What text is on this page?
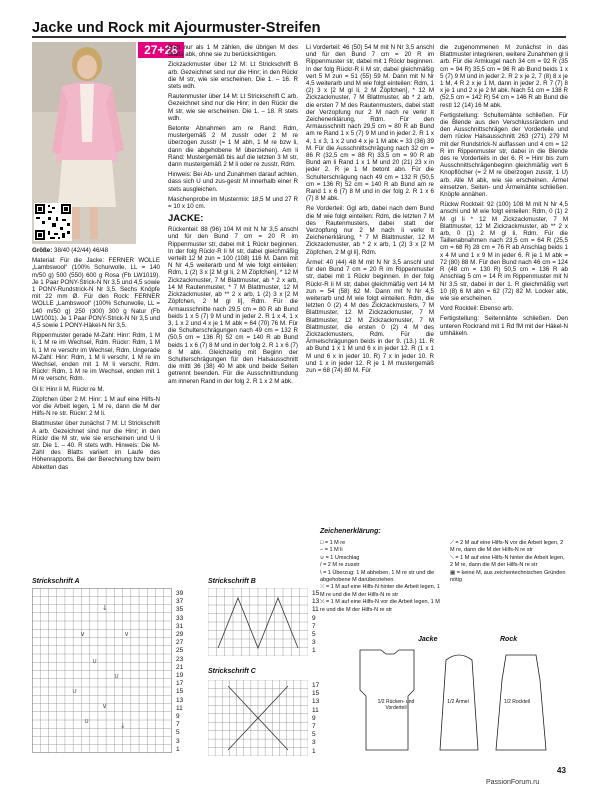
Jacke und Rock mit Ajourmuster-Streifen
27+28

Größe: 38/40 (42/44) 46/48

Material: Für die Jacke: FERNER WOLLE „Lambswool“ (100% Schurwolle, LL = 140 m/50 g) 500 (550) 600 g Rosa (Fb LW1019). Je 1 Paar PONY-Strick-N Nr 3,5 und 4,5 sowie 1 PONY-Rundstrick-N Nr 3,5. Sechs Knöpfe mit 22 mm Ø. Für den Rock: FERNER WOLLE „Lambswool“ (100% Schurwolle, LL = 140 m/50 g) 250 (300) 300 g Natur (Fb LW1001). Je 1 Paar PONY-Strick-N Nr 3,5 und 4,5 sowie 1 PONY-Häkel-N Nr 3,5.

Rippenmuster gerade M-Zahl: Hinr: Rdm, 1 M li, 1 M re im Wechsel, Rdm. Rückr: Rdm, 1 M li, 1 M re verschr im Wechsel, Rdm. Ungerade M-Zahl: Hinr: Rdm, 1 M li verschr, 1 M re im Wechsel, enden mit 1 M li verschr, Rdm. Rückr: Rdm, 1 M re im Wechsel, enden mit 1 M re verschr, Rdm.

Gl li: Hinr li M, Rückr re M.

Zöpfchen über 2 M: Hinr: 1 M auf eine Hilfs-N vor die Arbeit legen, 1 M re, dann die M der Hilfs-N re str. Rückr: 2 M li.

Blattmuster über zunächst 7 M: Lt Strickschrift A arb. Gezeichnet sind nur die Hinr; in den Rückr die M str, wie sie erscheinen und U li str. Die 1. – 40. R stets wdh. Hinweis: Die M-Zahl des Blatts variiert im Laufe des Höhenrapports. Bei der Berechnung bzw beim Abketten das

Blatt nur als 1 M zählen, die übrigen M des Blatts abk, ohne sie zu berücksichtigen.

Zickzackmuster über 12 M: Lt Strickschrift B arb. Gezeichnet sind nur die Hinr; in den Rückr die M str, wie sie erscheinen. Die 1. – 16. R stets wdh.

Rautenmuster über 14 M: Lt Strickschrift C arb. Gezeichnet sind nur die Hinr; in den Rückr die M str, wie sie erscheinen. Die 1. – 18. R stets wdh.

Betonte Abnahmen am re Rand: Rdm, mustergemäß 2 M zusstr oder 2 M re überzogen zusstr (= 1 M abh, 1 M re bzw li, dann die abgehobene M überziehen). Am li Rand: Mustergemäß bis auf die letzten 3 M str, dann mustergemäß 2 M li oder re zusstr, Rdm.

Hinweis: Bei Ab- und Zunahmen darauf achten, dass sich U und zus-gestr M innerhalb einer R stets ausgleichen.

Maschenprobe im Mustermix: 18,5 M und 27 R = 10 x 10 cm.

JACKE:

Rückenteil: 88 (96) 104 M mit N Nr 3,5 anschl und für den Bund 7 cm = 20 R im Rippenmuster str, dabei mit 1 Rückr beginnen. In der folg Rückr-R li M str, dabei gleichmäßig verteilt 12 M zun = 100 (108) 116 M. Dann mit N Nr 4,5 weiterarb und M wie folgt einteilen: Rdm, 1 (2) 3 x [2 M gl li, 2 M Zöpfchen], * 12 M Zickzackmuster, 7 M Blattmuster, ab * 2 x arb, 14 M Rautenmuster, * 7 M Blattmuster, 12 M Zickzackmuster, ab ** 2 x arb, 1 (2) 3 x [2 M Zöpfchen, 2 M gl li], Rdm. Für die Armausschnitte nach 29,5 cm = 80 R ab Bund beids 1 x 5 (7) 9 M und in jeder 2. R 1 x 4, 1 x 3, 1 x 2 und 4 x je 1 M abk = 64 (70) 76 M. Für die Schulterschrägungen nach 49 cm = 132 R (50,5 cm = 136 R) 52 cm = 140 R ab Bund beids 1 x 6 (7) 8 M und in der folg 2. R 1 x 6 (7) 8 M abk. Gleichzeitig mit Beginn der Schulterschrägungen für den Halsausschnitt die mittl 36 (38) 40 M abk und beide Seiten getrennt beenden. Für die Ausschnittrundung am inneren Rand in der folg 2. R 1 x 2 M abk.

Li Vorderteil: 46 (50) 54 M mit N Nr 3,5 anschl und für den Bund 7 cm = 20 R im Rippenmuster str, dabei mit 1 Rückr beginnen. In der folg Rückr-R li M str, dabei gleichmäßig vert 5 M zun = 51 (55) 59 M. Dann mit N Nr 4,5 weiterarb und M wie folgt einteilen: Rdm, 1 (2) 3 x [2 M gl li, 2 M Zöpfchen], * 12 M Zickzackmuster, 7 M Blattmuster, ab * 2 arb, die ersten 7 M des Rautenmusters, dabei statt der Verzopfung nur 2 M nach re verkr lt Zeichenerklärung, Rdm. Für den Armausschnitt nach 29,5 cm = 80 R ab Bund am re Rand 1 x 5 (7) 9 M und in jeder 2. R 1 x 4, 1 x 3, 1 x 2 und 4 x je 1 M abk = 33 (36) 39 M. Für die Ausschnittschrägung nach 32 cm = 86 R (32,5 cm = 88 R) 33,5 cm = 90 R ab Bund am li Rand 1 x 1 M und 20 (21) 23 x in jeder 2. R je 1 M betont abn. Für die Schulterschrägung nach 49 cm = 132 R (50,5 cm = 136 R) 52 cm = 140 R ab Bund am re Rand 1 x 6 (7) 8 M und in der folg 2. R 1 x 6 (7) 8 M abk.

Re Vorderteil: Ggl arb, dabei nach dem Bund die M wie folgt einteilen: Rdm, die letzten 7 M des Rautenmusters, dabei statt der Verzopfung nur 2 M nach li verkr lt Zeichenerklärung, * 7 M Blattmuster, 12 M Zickzackmuster, ab * 2 x arb, 1 (2) 3 x [2 M Zöpfchen, 2 M gl li], Rdm.

Ärmel: 40 (44) 48 M mit N Nr 3,5 anschl und für den Bund 7 cm = 20 R im Rippenmuster str, dabei mit 1 Rückr beginnen. In der folg Rückr-R li M str, dabei gleichmäßig vert 14 M zun = 54 (58) 62 M. Dann mit N Nr 4,5 weiterarb und M wie folgt einteilen: Rdm, die letzten 0 (2) 4 M des Zickzackmusters, 7 M Blattmuster, 12 M Zickzackmuster, 7 M Blattmuster, 12 M Zickzackmuster, 7 M Blattmuster, die ersten 0 (2) 4 M des Zickzackmusters, Rdm. Für die Ärmelschrägungen beids in der 9. (13.) 11. R ab Bund 1 x 1 M und 6 x in jeder 12. R (1 x 1 M und 6 x in jeder 10. R) 7 x in jeder 10. R und 1 x in jeder 12. R je 1 M mustergemäß zun = 68 (74) 80 M. Für

die zugenommenen M zunächst in das Blattmuster integrieren, weitere Zunahmen gl li arb. Für die Armkugel nach 34 cm = 92 R (35 cm = 94 R) 35,5 cm = 96 R ab Bund beids 1 x 5 (7) 9 M und in jeder 2. R 2 x je 2, 7 (8) 8 x je 1 M, 4 R 2 x je 1 M, dann in jeder 2. R 7 (7) 8 x je 1 und 2 x je 2 M abk. Nach 51 cm = 138 R (52,5 cm = 142 R) 54 cm = 146 R ab Bund die restl 12 (14) 16 M abk.

Fertigstellung: Schulternähte schließen. Für die Blende aus den Verschlussrändern und den Ausschnittschrägen der Vorderteile und dem rückw Halsausschnitt 263 (271) 279 M mit der Rundstrick-N auffassen und 4 cm = 12 R im Rippenmuster str, dabei in die Blende des re Vorderteils in der 6. R = Hinr bis zum Ausschnittschrägenbeginn gleichmäßig vert 6 Knopflöcher (= 2 M re überzogen zusstr, 1 U) arb. Alle M abk, wie sie erscheinen. Ärmel einsetzen. Seiten- und Ärmelnähte schließen. Knöpfe annähen.

Rückw Rockteil: 92 (100) 108 M mit N Nr 4,5 anschl und M wie folgt einteilen: Rdm, 0 (1) 2 M gl li * 12 M Zickzackmuster, 7 M Blattmuster, 12 M Zickzackmuster, ab ** 2 x arb, 0 (1) 2 M gl li, Rdm. Für die Taillenabnahmen nach 23,5 cm = 64 R (25,5 cm = 68 R) 28 cm = 76 R ab Anschlag beids 1 x 4 M und 1 x 9 M in jeder 6. R je 1 M abk = 72 (80) 88 M. Für den Bund nach 46 cm = 124 R (48 cm = 130 R) 50,5 cm = 136 R ab Anschlag 5 cm = 14 R im Rippenmuster mit N Nr 3,5 str, dabei in der 1. R gleichmäßig vert 10 (8) 6 M abn = 62 (72) 82 M. Locker abk, wie sie erscheinen.

Vord Rockteil: Ebenso arb.

Fertigstellung: Seitennähte schließen. Den unteren Rockrand mit 1 Rd fM mit der Häkel-N umhäkeln.

Strickschrift A
↓
∨	∨
∪
∪
∪
∨
∪
↓
39
37
35
33
31
29
27
25
23
21
19
17
15
13
11
9
7
5
3
1
Strickschrift B
15
13
11
9
7
5
3
1
Strickschrift C
17
15
13
11
9
7
5
3
1
Zeichenerklärung:
□ = 1 M re
− = 1 M li
∪ = 1 Umschlag
/ = 2 M re zusstr
\ = 1 Überzug: 1 M abheben, 1 M re str und die abgehobene M darüberziehen
⤫ = 1 M auf eine Hilfs-N hinter die Arbeit legen, 1 M re und die M der Hilfs-N re str
⤬ = 1 M auf eine Hilfs-N vor die Arbeit legen, 1 M re und die M der Hilfs-N re str
⟋ = 2 M auf eine Hilfs-N vor die Arbeit legen, 2 M re, dann die M der Hilfs-N re str
⟍ = 1 M auf eine Hilfs-N hinter die Arbeit legen, 2 M re, dann die M der Hilfs-N re str
▦ = keine M, aus zeichentechnischen Gründen nötig
Jacke	Rock
1/2 Rücken- und Vorderteil
1/2 Ärmel	1/2 Rockteil
43
PassionForum.ru
